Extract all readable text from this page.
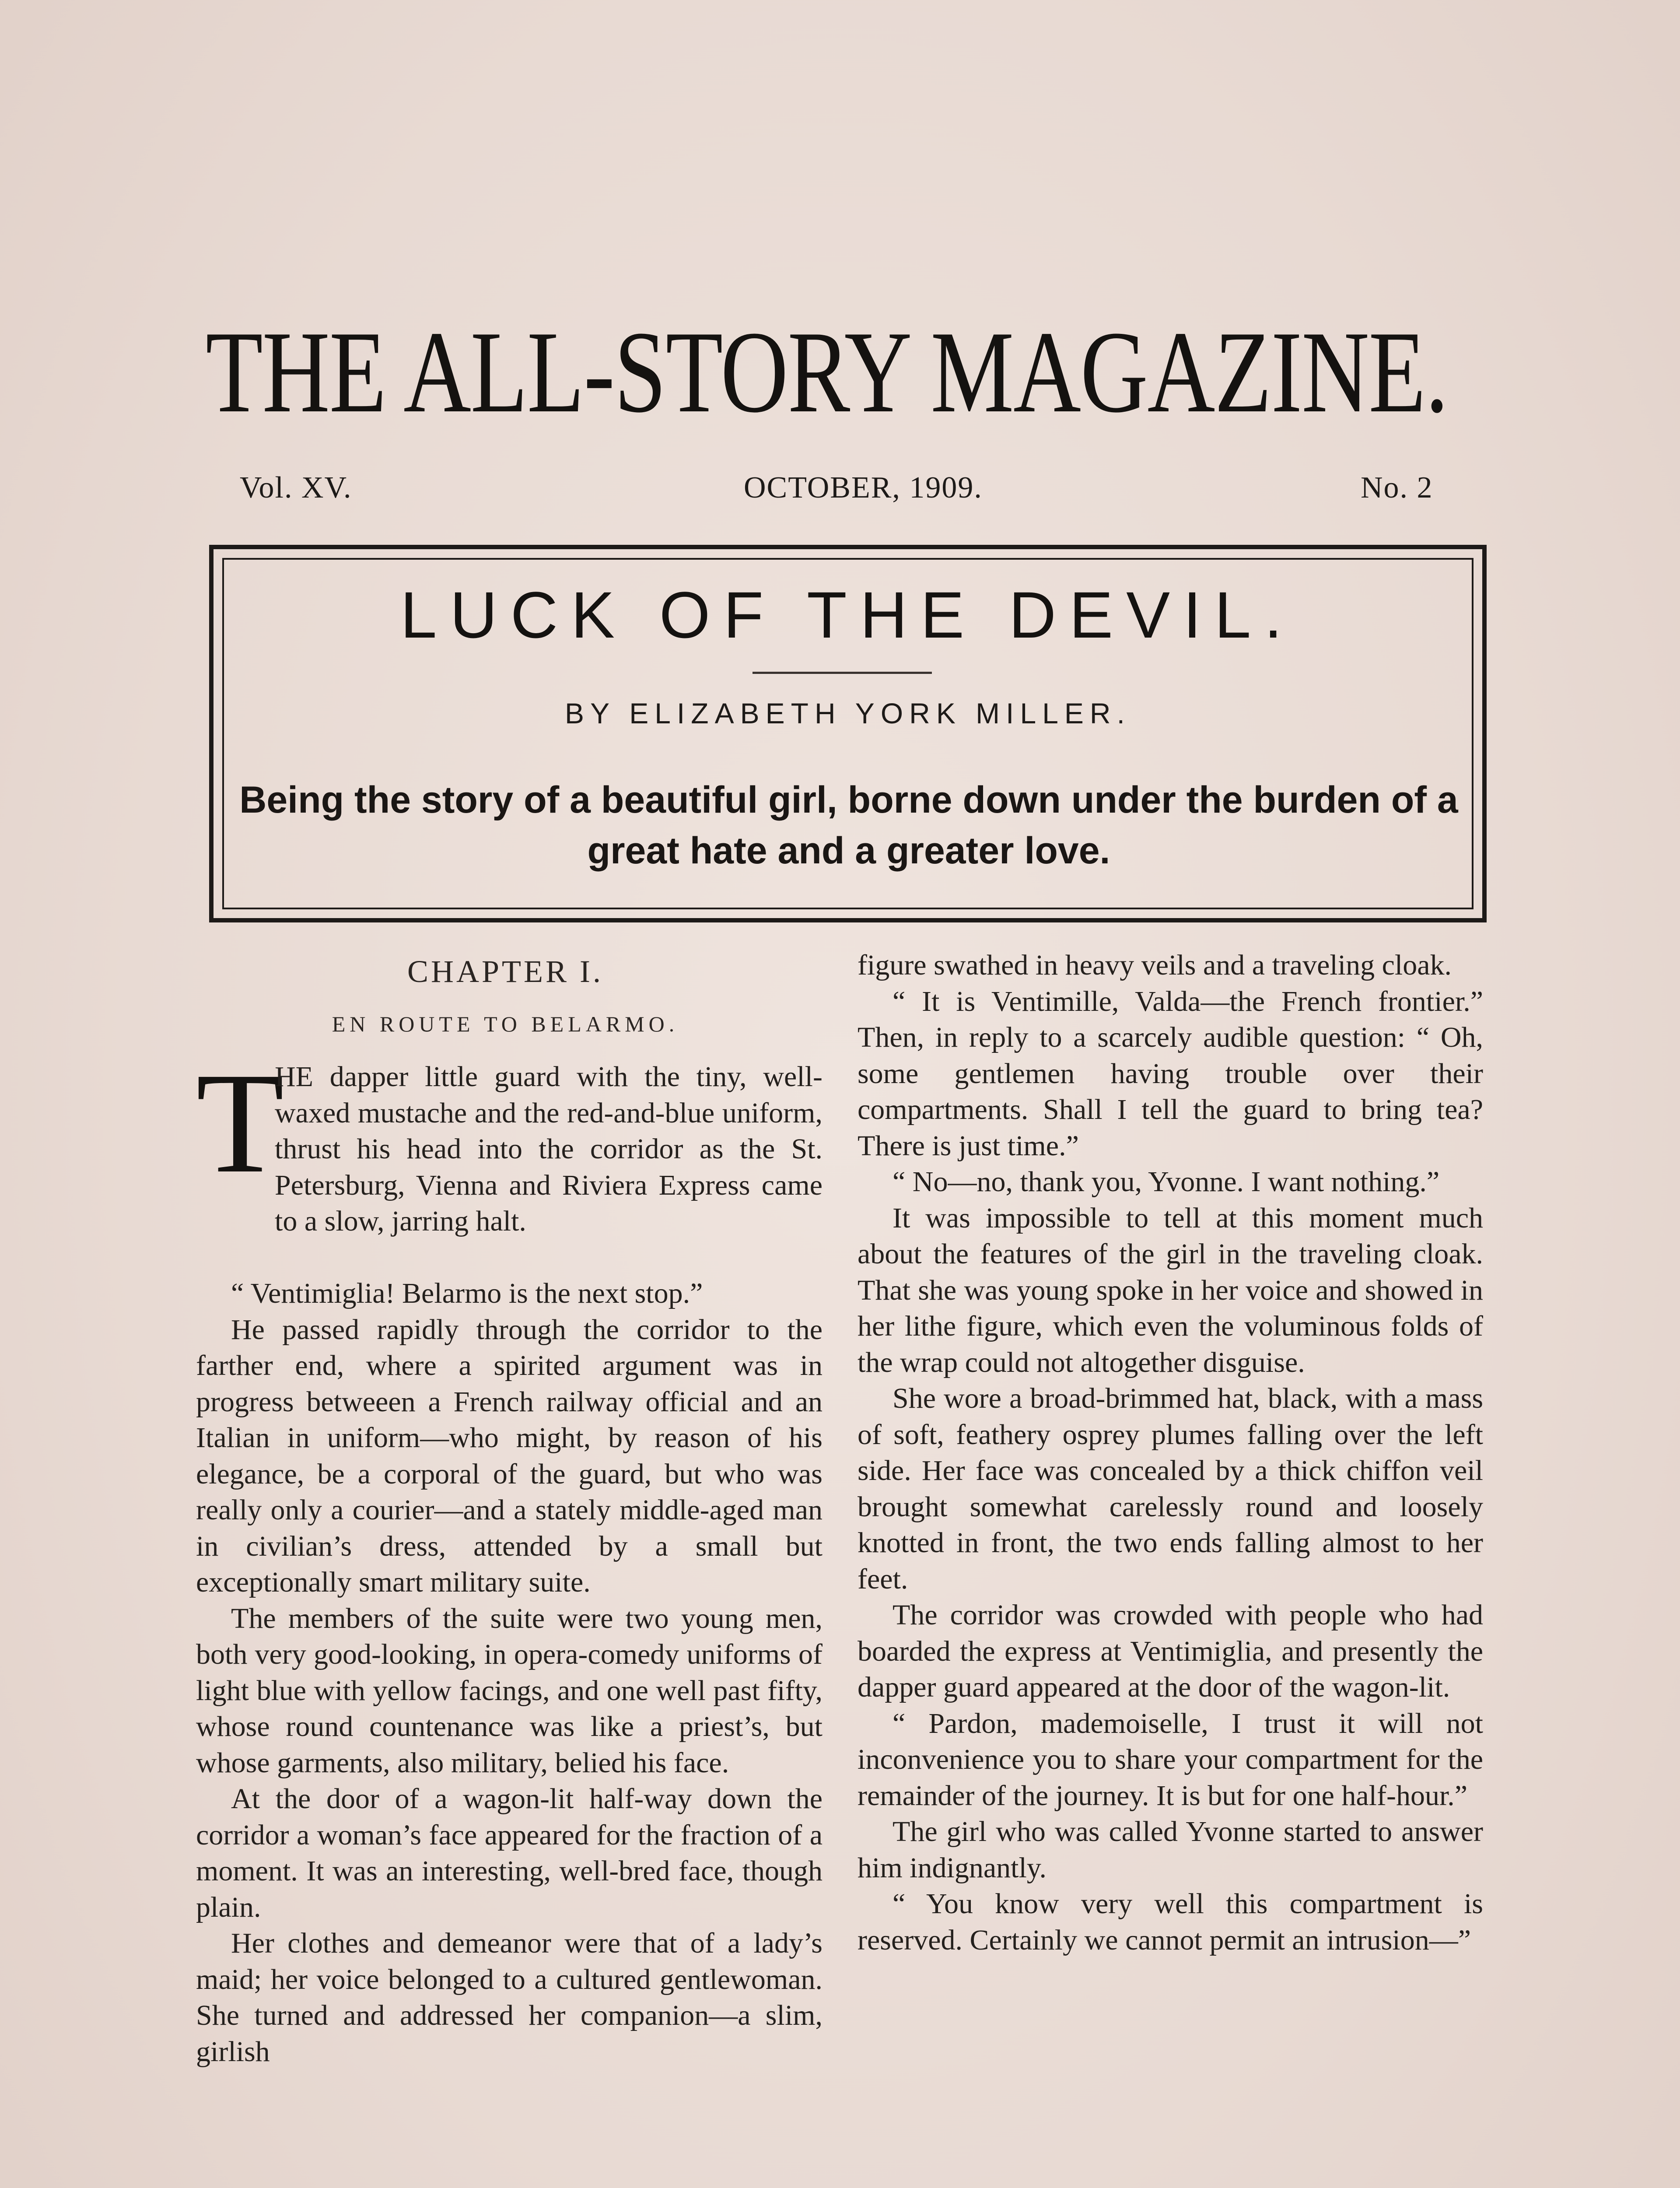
THE ALL-STORY MAGAZINE.
Vol. XV.	OCTOBER, 1909.	No. 2
LUCK OF THE DEVIL.
BY ELIZABETH YORK MILLER.
Being the story of a beautiful girl, borne down under the burden of a great hate and a greater love.
CHAPTER I.
EN ROUTE TO BELARMO.
T

HE dapper little guard with the tiny, well-waxed mustache and the red-and-blue uniform, thrust his head into the corridor as the St. Petersburg, Vienna and Riviera Express came to a slow, jarring halt.

“ Ventimiglia! Belarmo is the next stop.”

He passed rapidly through the corridor to the farther end, where a spirited argument was in progress betweeen a French railway official and an Italian in uniform—who might, by reason of his elegance, be a corporal of the guard, but who was really only a courier—and a stately middle-aged man in civilian’s dress, attended by a small but exceptionally smart military suite.

The members of the suite were two young men, both very good-looking, in opera-comedy uniforms of light blue with yellow facings, and one well past fifty, whose round countenance was like a priest’s, but whose garments, also military, belied his face.

At the door of a wagon-lit half-way down the corridor a woman’s face appeared for the fraction of a moment. It was an interesting, well-bred face, though plain.

Her clothes and demeanor were that of a lady’s maid; her voice belonged to a cultured gentlewoman. She turned and addressed her companion—a slim, girlish

figure swathed in heavy veils and a traveling cloak.

“ It is Ventimille, Valda—the French frontier.” Then, in reply to a scarcely audible question: “ Oh, some gentlemen having trouble over their compartments. Shall I tell the guard to bring tea? There is just time.”

“ No—no, thank you, Yvonne. I want nothing.”

It was impossible to tell at this moment much about the features of the girl in the traveling cloak. That she was young spoke in her voice and showed in her lithe figure, which even the voluminous folds of the wrap could not altogether disguise.

She wore a broad-brimmed hat, black, with a mass of soft, feathery osprey plumes falling over the left side. Her face was concealed by a thick chiffon veil brought somewhat carelessly round and loosely knotted in front, the two ends falling almost to her feet.

The corridor was crowded with people who had boarded the express at Ventimiglia, and presently the dapper guard appeared at the door of the wagon-lit.

“ Pardon, mademoiselle, I trust it will not inconvenience you to share your compartment for the remainder of the journey. It is but for one half-hour.”

The girl who was called Yvonne started to answer him indignantly.

“ You know very well this compartment is reserved. Certainly we cannot permit an intrusion—”
